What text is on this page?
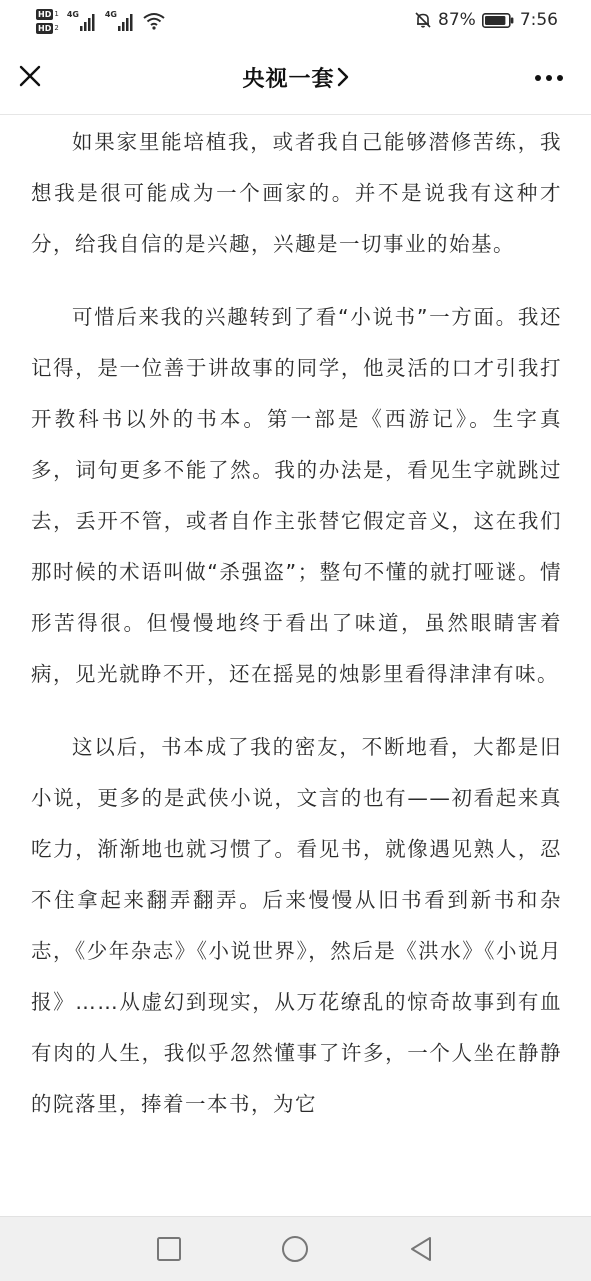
HD 1
HD 2
4G	4G	87%	7:56
央视一套

如果家里能培植我，或者我自己能够潜修苦练，我想我是很可能成为一个画家的。并不是说我有这种才分，给我自信的是兴趣，兴趣是一切事业的始基。

可惜后来我的兴趣转到了看“小说书”一方面。我还记得，是一位善于讲故事的同学，他灵活的口才引我打开教科书以外的书本。第一部是《西游记》。生字真多，词句更多不能了然。我的办法是，看见生字就跳过去，丢开不管，或者自作主张替它假定音义，这在我们那时候的术语叫做“杀强盗”；整句不懂的就打哑谜。情形苦得很。但慢慢地终于看出了味道，虽然眼睛害着病，见光就睁不开，还在摇晃的烛影里看得津津有味。

这以后，书本成了我的密友，不断地看，大都是旧小说，更多的是武侠小说，文言的也有——初看起来真吃力，渐渐地也就习惯了。看见书，就像遇见熟人，忍不住拿起来翻弄翻弄。后来慢慢从旧书看到新书和杂志，《少年杂志》《小说世界》，然后是《洪水》《小说月报》……从虚幻到现实，从万花缭乱的惊奇故事到有血有肉的人生，我似乎忽然懂事了许多，一个人坐在静静的院落里，捧着一本书，为它
